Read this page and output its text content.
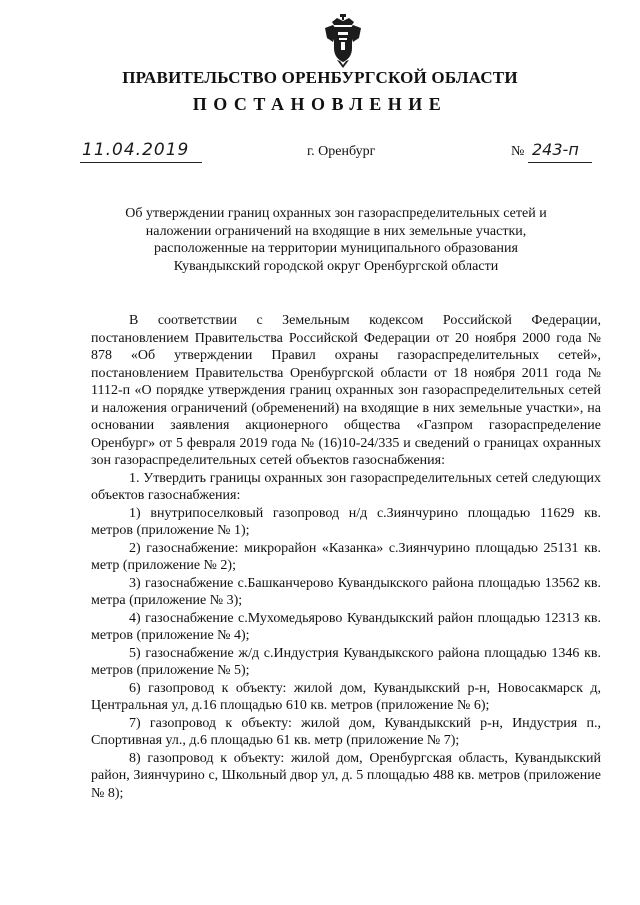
ПРАВИТЕЛЬСТВО ОРЕНБУРГСКОЙ ОБЛАСТИ
ПОСТАНОВЛЕНИЕ
11.04.2019	г. Оренбург	№ 243-п
Об утверждении границ охранных зон газораспределительных сетей и
наложении ограничений на входящие в них земельные участки,
расположенные на территории муниципального образования
Кувандыкский городской округ Оренбургской области

В соответствии с Земельным кодексом Российской Федерации, постановлением Правительства Российской Федерации от 20 ноября 2000 года № 878 «Об утверждении Правил охраны газораспределительных сетей», постановлением Правительства Оренбургской области от 18 ноября 2011 года № 1112-п «О порядке утверждения границ охранных зон газораспределительных сетей и наложения ограничений (обременений) на входящие в них земельные участки», на основании заявления акционерного общества «Газпром газораспределение Оренбург» от 5 февраля 2019 года № (16)10-24/335 и сведений о границах охранных зон газораспределительных сетей объектов газоснабжения:

1. Утвердить границы охранных зон газораспределительных сетей следующих объектов газоснабжения:

1) внутрипоселковый газопровод н/д с.Зиянчурино площадью 11629 кв. метров (приложение № 1);

2) газоснабжение: микрорайон «Казанка» с.Зиянчурино площадью 25131 кв. метр (приложение № 2);

3) газоснабжение с.Башканчерово Кувандыкского района площадью 13562 кв. метра (приложение № 3);

4) газоснабжение с.Мухомедьярово Кувандыкский район площадью 12313 кв. метров (приложение № 4);

5) газоснабжение ж/д с.Индустрия Кувандыкского района площадью 1346 кв. метров (приложение № 5);

6) газопровод к объекту: жилой дом, Кувандыкский р-н, Новосакмарск д, Центральная ул, д.16 площадью 610 кв. метров (приложение № 6);

7) газопровод к объекту: жилой дом, Кувандыкский р-н, Индустрия п., Спортивная ул., д.6 площадью 61 кв. метр (приложение № 7);

8) газопровод к объекту: жилой дом, Оренбургская область, Кувандыкский район, Зиянчурино с, Школьный двор ул, д. 5 площадью 488 кв. метров (приложение № 8);
